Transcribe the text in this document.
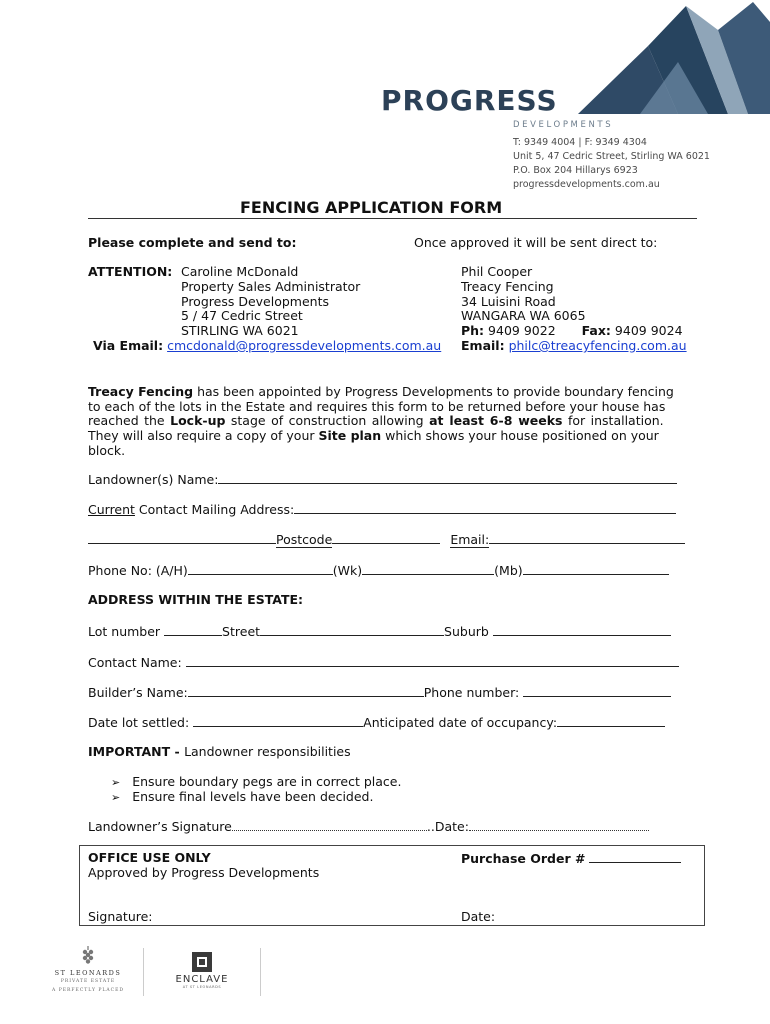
PROGRESS
DEVELOPMENTS
T: 9349 4004 | F: 9349 4304
Unit 5, 47 Cedric Street, Stirling WA 6021
P.O. Box 204 Hillarys 6923
progressdevelopments.com.au
FENCING APPLICATION FORM
Please complete and send to:	Once approved it will be sent direct to:
ATTENTION: Caroline McDonald
Property Sales Administrator
Progress Developments
5 / 47 Cedric Street
STIRLING WA 6021
Via Email: cmcdonald@progressdevelopments.com.au
Phil Cooper
Treacy Fencing
34 Luisini Road
WANGARA WA 6065
Ph: 9409 9022 Fax: 9409 9024
Email: philc@treacyfencing.com.au
Treacy Fencing has been appointed by Progress Developments to provide boundary fencing
to each of the lots in the Estate and requires this form to be returned before your house has
reached the Lock-up stage of construction allowing at least 6-8 weeks for installation.
They will also require a copy of your Site plan which shows your house positioned on your
block.
Landowner(s) Name:
Current Contact Mailing Address:
Postcode	Email:
Phone No: (A/H)	(Wk)	(Mb)
ADDRESS WITHIN THE ESTATE:
Lot number	Street	Suburb
Contact Name:
Builder’s Name:	Phone number:
Date lot settled:	Anticipated date of occupancy:
IMPORTANT - Landowner responsibilities
➢ Ensure boundary pegs are in correct place.
➢ Ensure final levels have been decided.
Landowner’s Signature	..Date:
OFFICE USE ONLY	Purchase Order #
Approved by Progress Developments
Signature:	Date:
ST LEONARDS
PRIVATE ESTATE
A PERFECTLY PLACED
ENCLAVE
AT ST LEONARDS
